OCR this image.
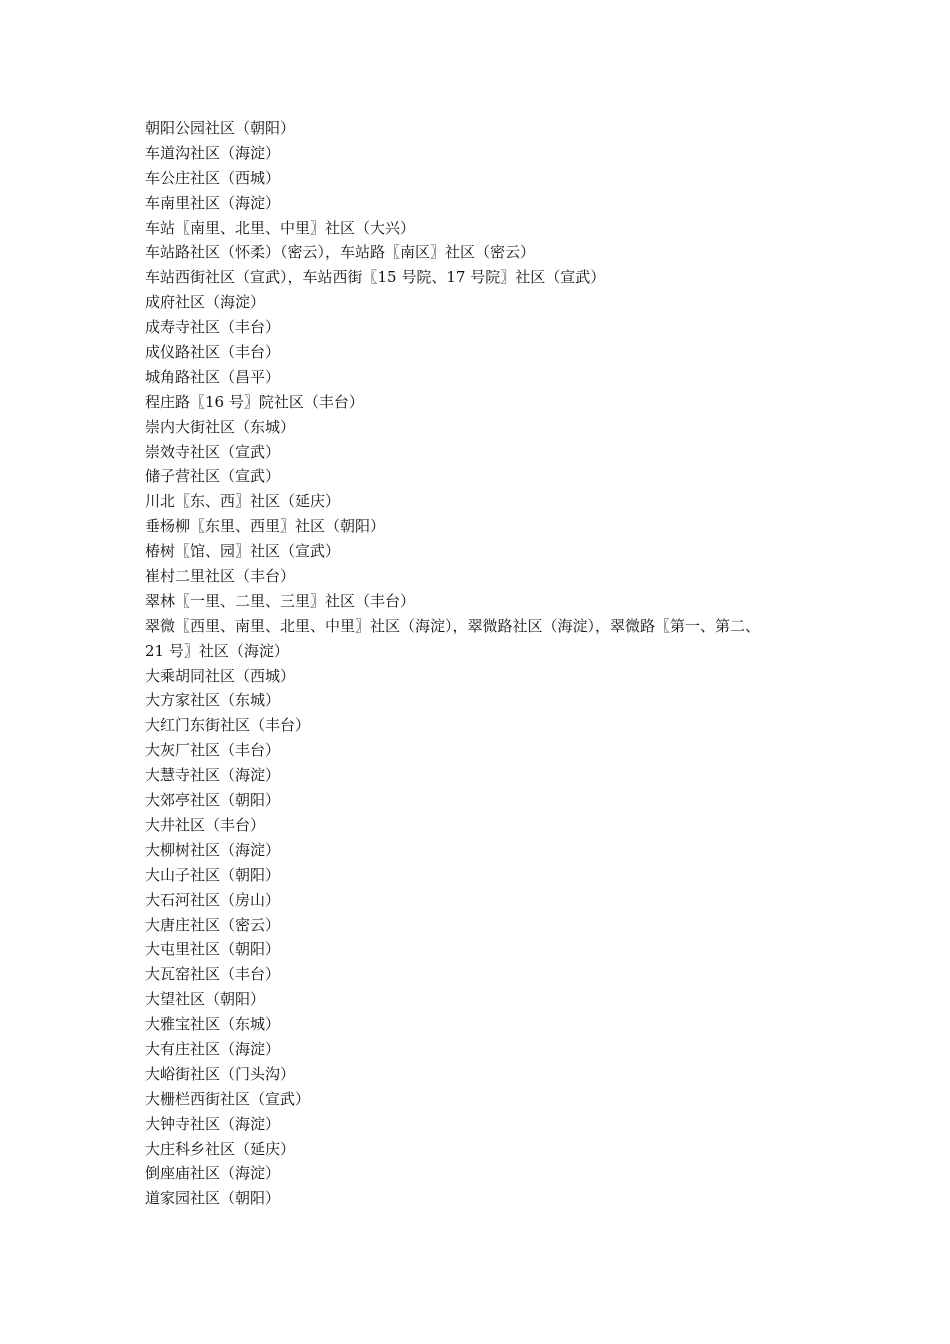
朝阳公园社区（朝阳）
车道沟社区（海淀）
车公庄社区（西城）
车南里社区（海淀）
车站〖南里、北里、中里〗社区（大兴）
车站路社区（怀柔）（密云），车站路〖南区〗社区（密云）
车站西街社区（宣武），车站西街〖15 号院、17 号院〗社区（宣武）
成府社区（海淀）
成寿寺社区（丰台）
成仪路社区（丰台）
城角路社区（昌平）
程庄路〖16 号〗院社区（丰台）
崇内大街社区（东城）
崇效寺社区（宣武）
储子营社区（宣武）
川北〖东、西〗社区（延庆）
垂杨柳〖东里、西里〗社区（朝阳）
椿树〖馆、园〗社区（宣武）
崔村二里社区（丰台）
翠林〖一里、二里、三里〗社区（丰台）
翠微〖西里、南里、北里、中里〗社区（海淀），翠微路社区（海淀），翠微路〖第一、第二、
21 号〗社区（海淀）
大乘胡同社区（西城）
大方家社区（东城）
大红门东街社区（丰台）
大灰厂社区（丰台）
大慧寺社区（海淀）
大郊亭社区（朝阳）
大井社区（丰台）
大柳树社区（海淀）
大山子社区（朝阳）
大石河社区（房山）
大唐庄社区（密云）
大屯里社区（朝阳）
大瓦窑社区（丰台）
大望社区（朝阳）
大雅宝社区（东城）
大有庄社区（海淀）
大峪街社区（门头沟）
大栅栏西街社区（宣武）
大钟寺社区（海淀）
大庄科乡社区（延庆）
倒座庙社区（海淀）
道家园社区（朝阳）
